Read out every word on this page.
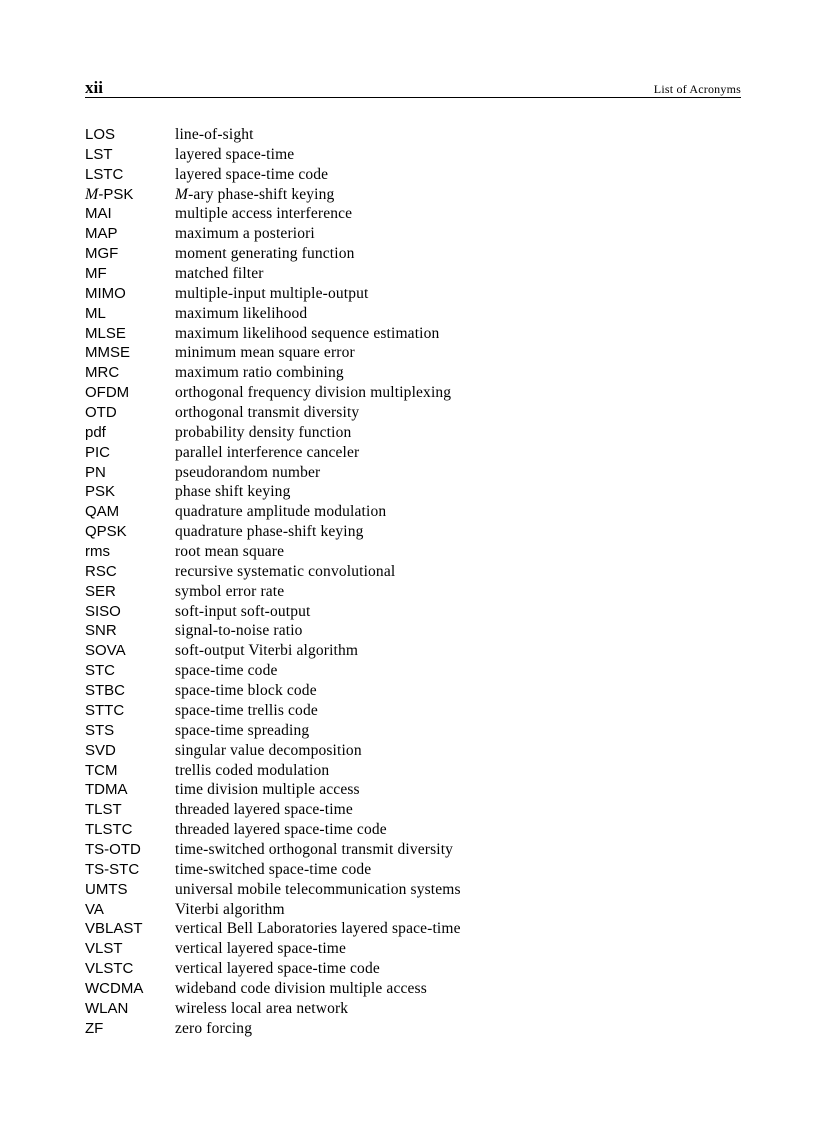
xii	List of Acronyms
LOS	line-of-sight
LST	layered space-time
LSTC	layered space-time code
M-PSK	M-ary phase-shift keying
MAI	multiple access interference
MAP	maximum a posteriori
MGF	moment generating function
MF	matched filter
MIMO	multiple-input multiple-output
ML	maximum likelihood
MLSE	maximum likelihood sequence estimation
MMSE	minimum mean square error
MRC	maximum ratio combining
OFDM	orthogonal frequency division multiplexing
OTD	orthogonal transmit diversity
pdf	probability density function
PIC	parallel interference canceler
PN	pseudorandom number
PSK	phase shift keying
QAM	quadrature amplitude modulation
QPSK	quadrature phase-shift keying
rms	root mean square
RSC	recursive systematic convolutional
SER	symbol error rate
SISO	soft-input soft-output
SNR	signal-to-noise ratio
SOVA	soft-output Viterbi algorithm
STC	space-time code
STBC	space-time block code
STTC	space-time trellis code
STS	space-time spreading
SVD	singular value decomposition
TCM	trellis coded modulation
TDMA	time division multiple access
TLST	threaded layered space-time
TLSTC	threaded layered space-time code
TS-OTD time-switched orthogonal transmit diversity
TS-STC time-switched space-time code
UMTS	universal mobile telecommunication systems
VA	Viterbi algorithm
VBLAST vertical Bell Laboratories layered space-time
VLST	vertical layered space-time
VLSTC	vertical layered space-time code
WCDMA wideband code division multiple access
WLAN	wireless local area network
ZF	zero forcing
